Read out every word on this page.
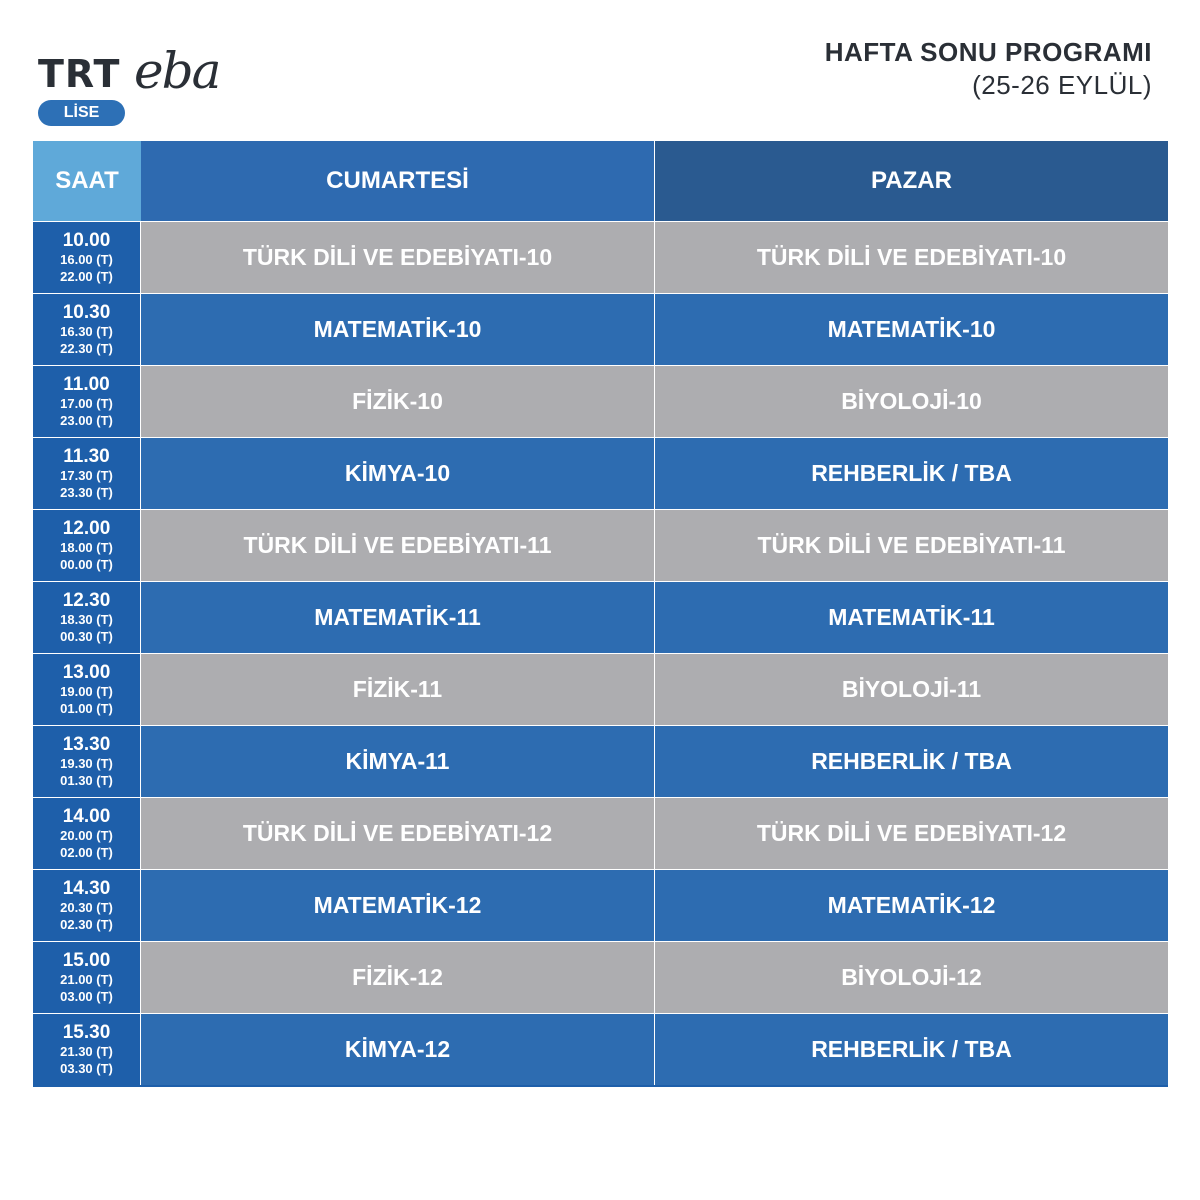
TRT eba
LİSE
HAFTA SONU PROGRAMI
(25-26 EYLÜL)
SAAT	CUMARTESİ	PAZAR
10.00
16.00 (T)
22.00 (T)
TÜRK DİLİ VE EDEBİYATI-10	TÜRK DİLİ VE EDEBİYATI-10
10.30
16.30 (T)
22.30 (T)
MATEMATİK-10	MATEMATİK-10
11.00
17.00 (T)
23.00 (T)
FİZİK-10	BİYOLOJİ-10
11.30
17.30 (T)
23.30 (T)
KİMYA-10	REHBERLİK / TBA
12.00
18.00 (T)
00.00 (T)
TÜRK DİLİ VE EDEBİYATI-11	TÜRK DİLİ VE EDEBİYATI-11
12.30
18.30 (T)
00.30 (T)
MATEMATİK-11	MATEMATİK-11
13.00
19.00 (T)
01.00 (T)
FİZİK-11	BİYOLOJİ-11
13.30
19.30 (T)
01.30 (T)
KİMYA-11	REHBERLİK / TBA
14.00
20.00 (T)
02.00 (T)
TÜRK DİLİ VE EDEBİYATI-12	TÜRK DİLİ VE EDEBİYATI-12
14.30
20.30 (T)
02.30 (T)
MATEMATİK-12	MATEMATİK-12
15.00
21.00 (T)
03.00 (T)
FİZİK-12	BİYOLOJİ-12
15.30
21.30 (T)
03.30 (T)
KİMYA-12	REHBERLİK / TBA
